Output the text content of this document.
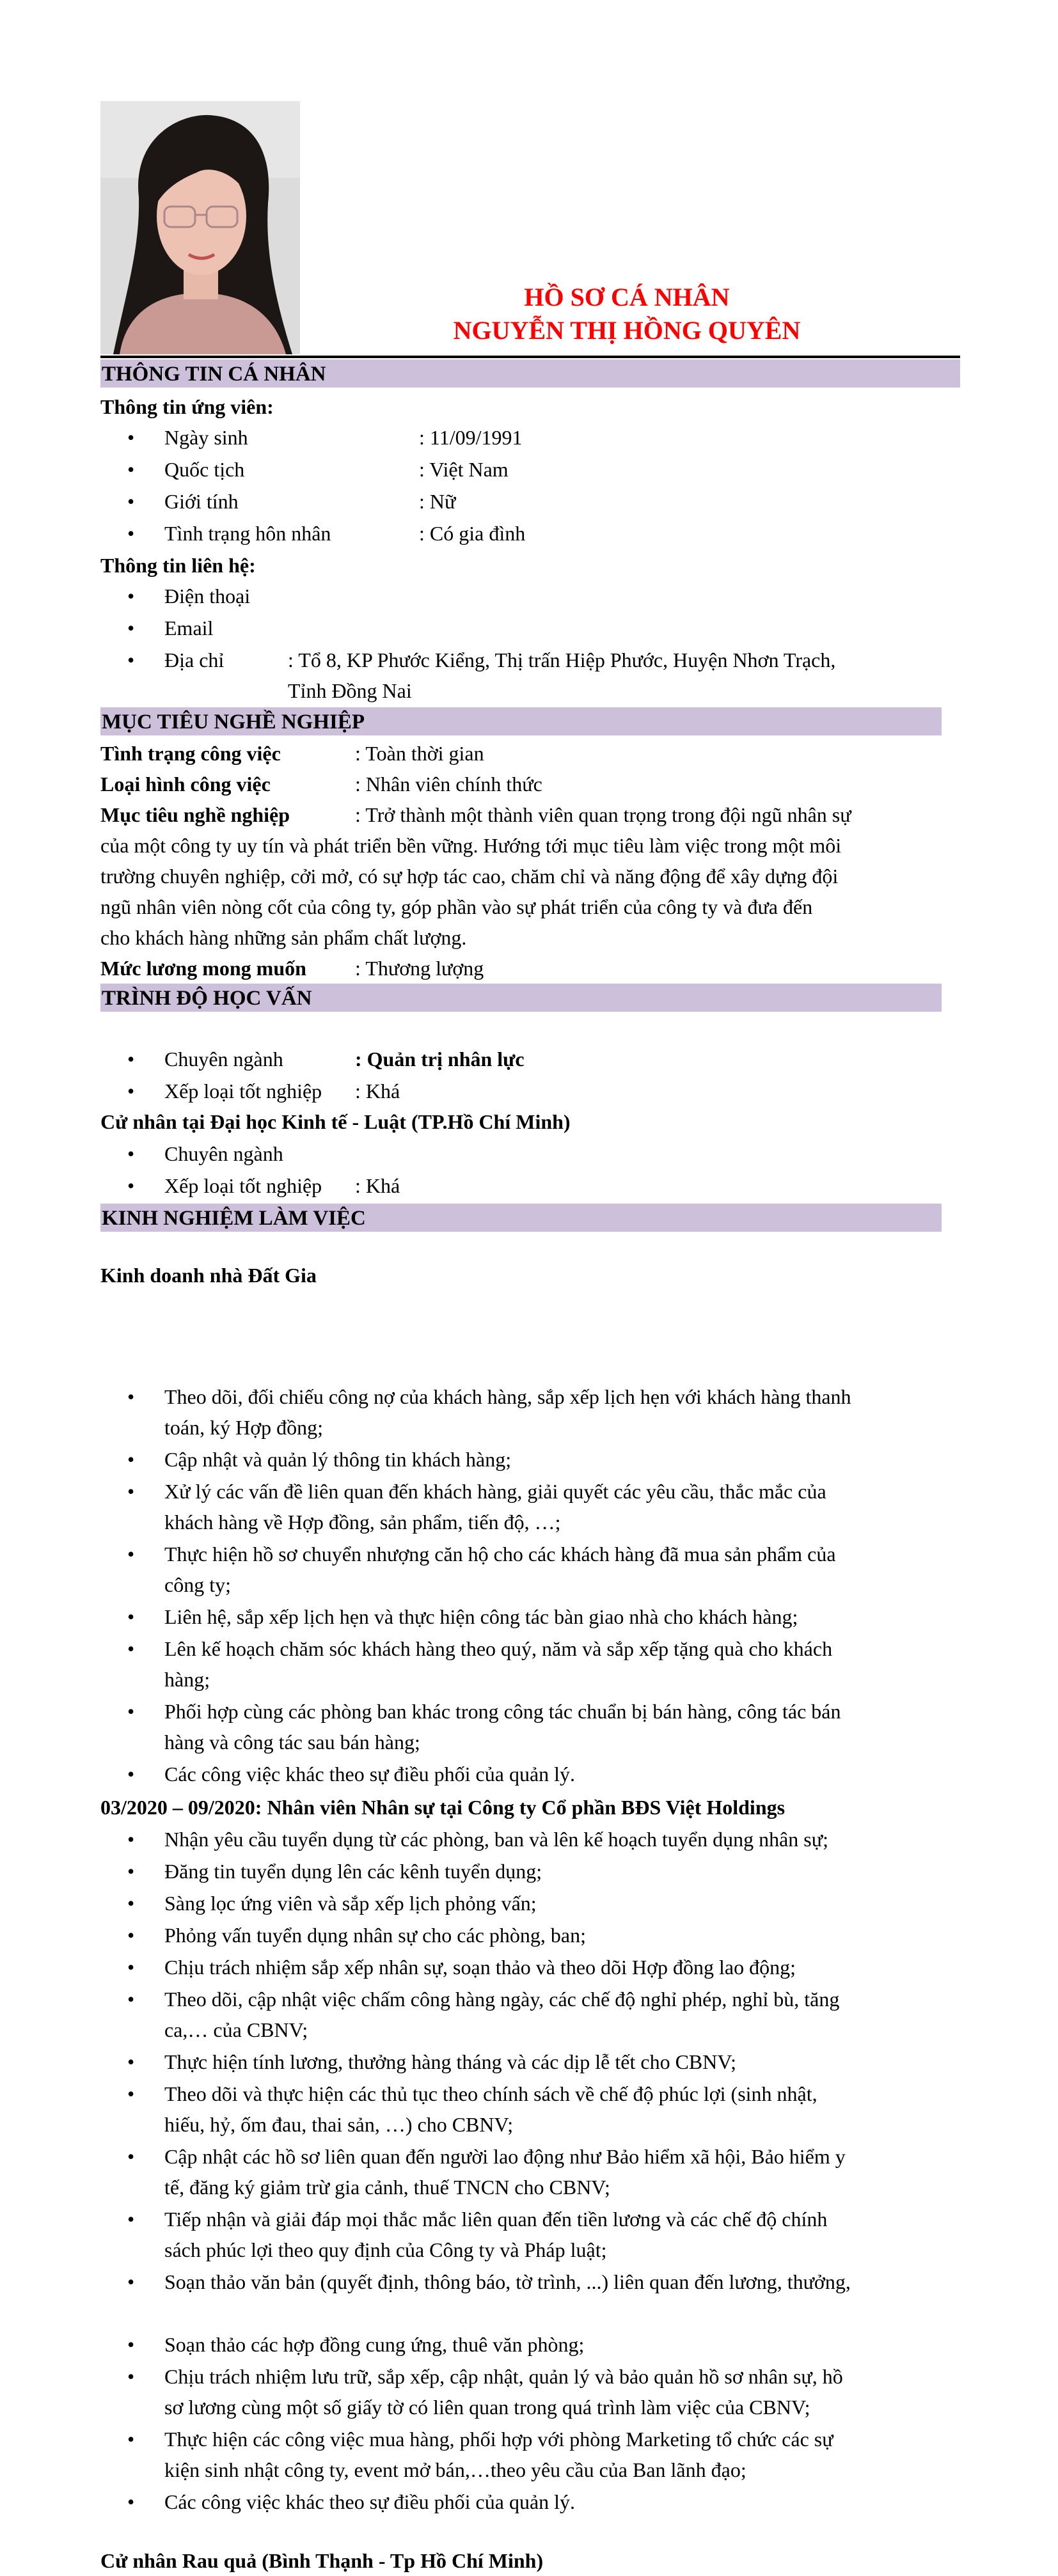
HỒ SƠ CÁ NHÂN
NGUYỄN THỊ HỒNG QUYÊN
THÔNG TIN CÁ NHÂN
Thông tin ứng viên:
• Ngày sinh	: 11/09/1991
• Quốc tịch	: Việt Nam
• Giới tính	: Nữ
• Tình trạng hôn nhân	: Có gia đình
Thông tin liên hệ:
• Điện thoại
• Email
• Địa chỉ	: Tổ 8, KP Phước Kiểng, Thị trấn Hiệp Phước, Huyện Nhơn Trạch,
Tỉnh Đồng Nai
MỤC TIÊU NGHỀ NGHIỆP
Tình trạng công việc	: Toàn thời gian
Loại hình công việc	: Nhân viên chính thức
Mục tiêu nghề nghiệp	: Trở thành một thành viên quan trọng trong đội ngũ nhân sự
của một công ty uy tín và phát triển bền vững. Hướng tới mục tiêu làm việc trong một môi
trường chuyên nghiệp, cởi mở, có sự hợp tác cao, chăm chỉ và năng động để xây dựng đội
ngũ nhân viên nòng cốt của công ty, góp phần vào sự phát triển của công ty và đưa đến
cho khách hàng những sản phẩm chất lượng.
Mức lương mong muốn : Thương lượng
TRÌNH ĐỘ HỌC VẤN
• Chuyên ngành	: Quản trị nhân lực
• Xếp loại tốt nghiệp : Khá
Cử nhân tại Đại học Kinh tế - Luật (TP.Hồ Chí Minh)
• Chuyên ngành
• Xếp loại tốt nghiệp : Khá
KINH NGHIỆM LÀM VIỆC
Kinh doanh nhà Đất Gia
Theo dõi, đối chiếu công nợ của khách hàng, sắp xếp lịch hẹn với khách hàng thanh
•
toán, ký Hợp đồng;
Cập nhật và quản lý thông tin khách hàng;
•
Xử lý các vấn đề liên quan đến khách hàng, giải quyết các yêu cầu, thắc mắc của
•
khách hàng về Hợp đồng, sản phẩm, tiến độ, …;
Thực hiện hồ sơ chuyển nhượng căn hộ cho các khách hàng đã mua sản phẩm của
•
công ty;
Liên hệ, sắp xếp lịch hẹn và thực hiện công tác bàn giao nhà cho khách hàng;
•
Lên kế hoạch chăm sóc khách hàng theo quý, năm và sắp xếp tặng quà cho khách
•
hàng;
Phối hợp cùng các phòng ban khác trong công tác chuẩn bị bán hàng, công tác bán
•
hàng và công tác sau bán hàng;
Các công việc khác theo sự điều phối của quản lý.
•
03/2020 – 09/2020: Nhân viên Nhân sự tại Công ty Cổ phần BĐS Việt Holdings
Nhận yêu cầu tuyển dụng từ các phòng, ban và lên kế hoạch tuyển dụng nhân sự;
•
Đăng tin tuyển dụng lên các kênh tuyển dụng;
•
Sàng lọc ứng viên và sắp xếp lịch phỏng vấn;
•
Phỏng vấn tuyển dụng nhân sự cho các phòng, ban;
•
Chịu trách nhiệm sắp xếp nhân sự, soạn thảo và theo dõi Hợp đồng lao động;
•
Theo dõi, cập nhật việc chấm công hàng ngày, các chế độ nghỉ phép, nghỉ bù, tăng
•
ca,… của CBNV;
Thực hiện tính lương, thưởng hàng tháng và các dịp lễ tết cho CBNV;
•
Theo dõi và thực hiện các thủ tục theo chính sách về chế độ phúc lợi (sinh nhật,
•
hiếu, hỷ, ốm đau, thai sản, …) cho CBNV;
Cập nhật các hồ sơ liên quan đến người lao động như Bảo hiểm xã hội, Bảo hiểm y
•
tế, đăng ký giảm trừ gia cảnh, thuế TNCN cho CBNV;
Tiếp nhận và giải đáp mọi thắc mắc liên quan đến tiền lương và các chế độ chính
•
sách phúc lợi theo quy định của Công ty và Pháp luật;
Soạn thảo văn bản (quyết định, thông báo, tờ trình, ...) liên quan đến lương, thưởng,
•
Soạn thảo các hợp đồng cung ứng, thuê văn phòng;
•
Chịu trách nhiệm lưu trữ, sắp xếp, cập nhật, quản lý và bảo quản hồ sơ nhân sự, hồ
•
sơ lương cùng một số giấy tờ có liên quan trong quá trình làm việc của CBNV;
Thực hiện các công việc mua hàng, phối hợp với phòng Marketing tổ chức các sự
•
kiện sinh nhật công ty, event mở bán,…theo yêu cầu của Ban lãnh đạo;
Các công việc khác theo sự điều phối của quản lý.
•
Cử nhân Rau quả (Bình Thạnh - Tp Hồ Chí Minh)
